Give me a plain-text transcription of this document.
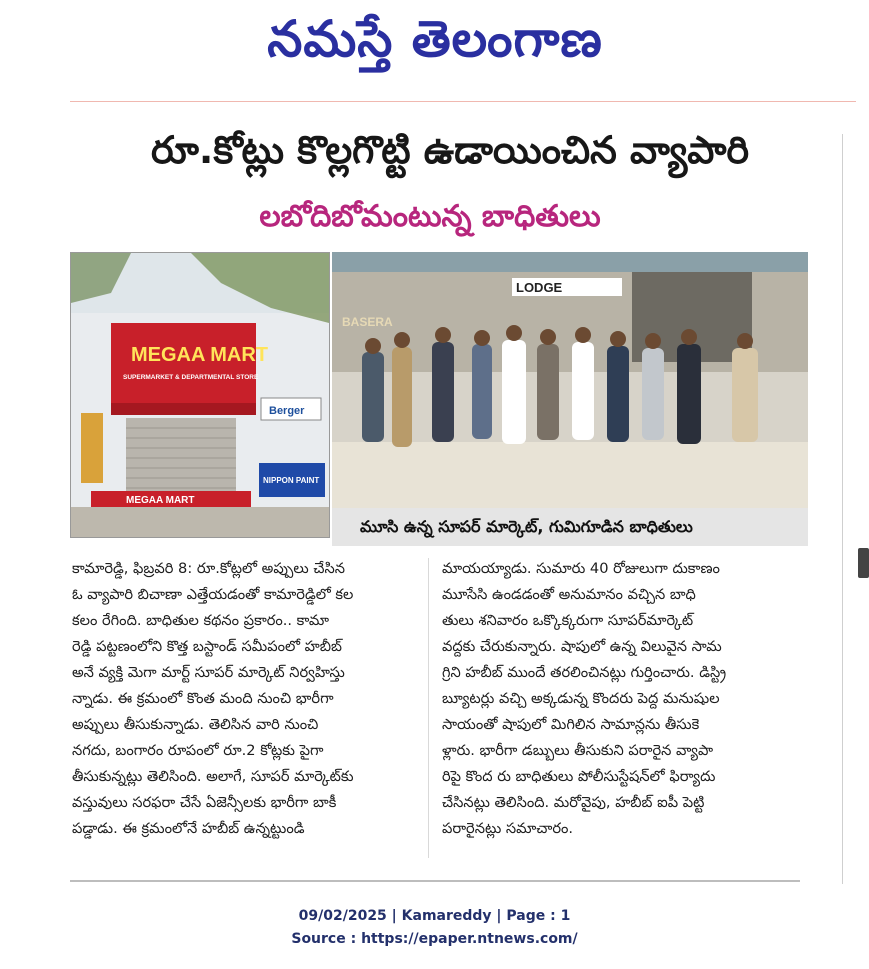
నమస్తే తెలంగాణ
రూ.కోట్లు కొల్లగొట్టి ఉడాయించిన వ్యాపారి
లబోదిబోమంటున్న బాధితులు
MEGAA MART
SUPERMARKET & DEPARTMENTAL STORE
MEGAA MART
Berger
NIPPON PAINT
LODGE
BASERA
మూసి ఉన్న సూపర్ మార్కెట్, గుమిగూడిన బాధితులు
కామారెడ్డి, ఫిబ్రవరి 8: రూ.కోట్లలో అప్పులు చేసిన
ఓ వ్యాపారి బిచాణా ఎత్తేయడంతో కామారెడ్డిలో కల
కలం రేగింది. బాధితుల కథనం ప్రకారం.. కామా
రెడ్డి పట్టణంలోని కొత్త బస్టాండ్ సమీపంలో హబీబ్
అనే వ్యక్తి మెగా మార్ట్ సూపర్ మార్కెట్ నిర్వహిస్తు
న్నాడు. ఈ క్రమంలో కొంత మంది నుంచి భారీగా
అప్పులు తీసుకున్నాడు. తెలిసిన వారి నుంచి
నగదు, బంగారం రూపంలో రూ.2 కోట్లకు పైగా
తీసుకున్నట్లు తెలిసింది. అలాగే, సూపర్ మార్కెట్‌కు
వస్తువులు సరఫరా చేసే ఏజెన్సీలకు భారీగా బాకీ
పడ్డాడు. ఈ క్రమంలోనే హబీబ్ ఉన్నట్టుండి
మాయయ్యాడు. సుమారు 40 రోజులుగా దుకాణం
మూసేసి ఉండడంతో అనుమానం వచ్చిన బాధి
తులు శనివారం ఒక్కొక్కరుగా సూపర్‌మార్కెట్
వద్దకు చేరుకున్నారు. షాపులో ఉన్న విలువైన సామ
గ్రిని హబీబ్ ముందే తరలించినట్లు గుర్తించారు. డిస్ట్రి
బ్యూటర్లు వచ్చి అక్కడున్న కొందరు పెద్ద మనుషుల
సాయంతో షాపులో మిగిలిన సామాన్లను తీసుకె
ళ్లారు. భారీగా డబ్బులు తీసుకుని పరారైన వ్యాపా
రిపై కొంద రు బాధితులు పోలీసుస్టేషన్‌లో ఫిర్యాదు
చేసినట్లు తెలిసింది. మరోవైపు, హబీబ్ ఐపీ పెట్టి
పరారైనట్లు సమాచారం.
09/02/2025 | Kamareddy | Page : 1
Source : https://epaper.ntnews.com/
